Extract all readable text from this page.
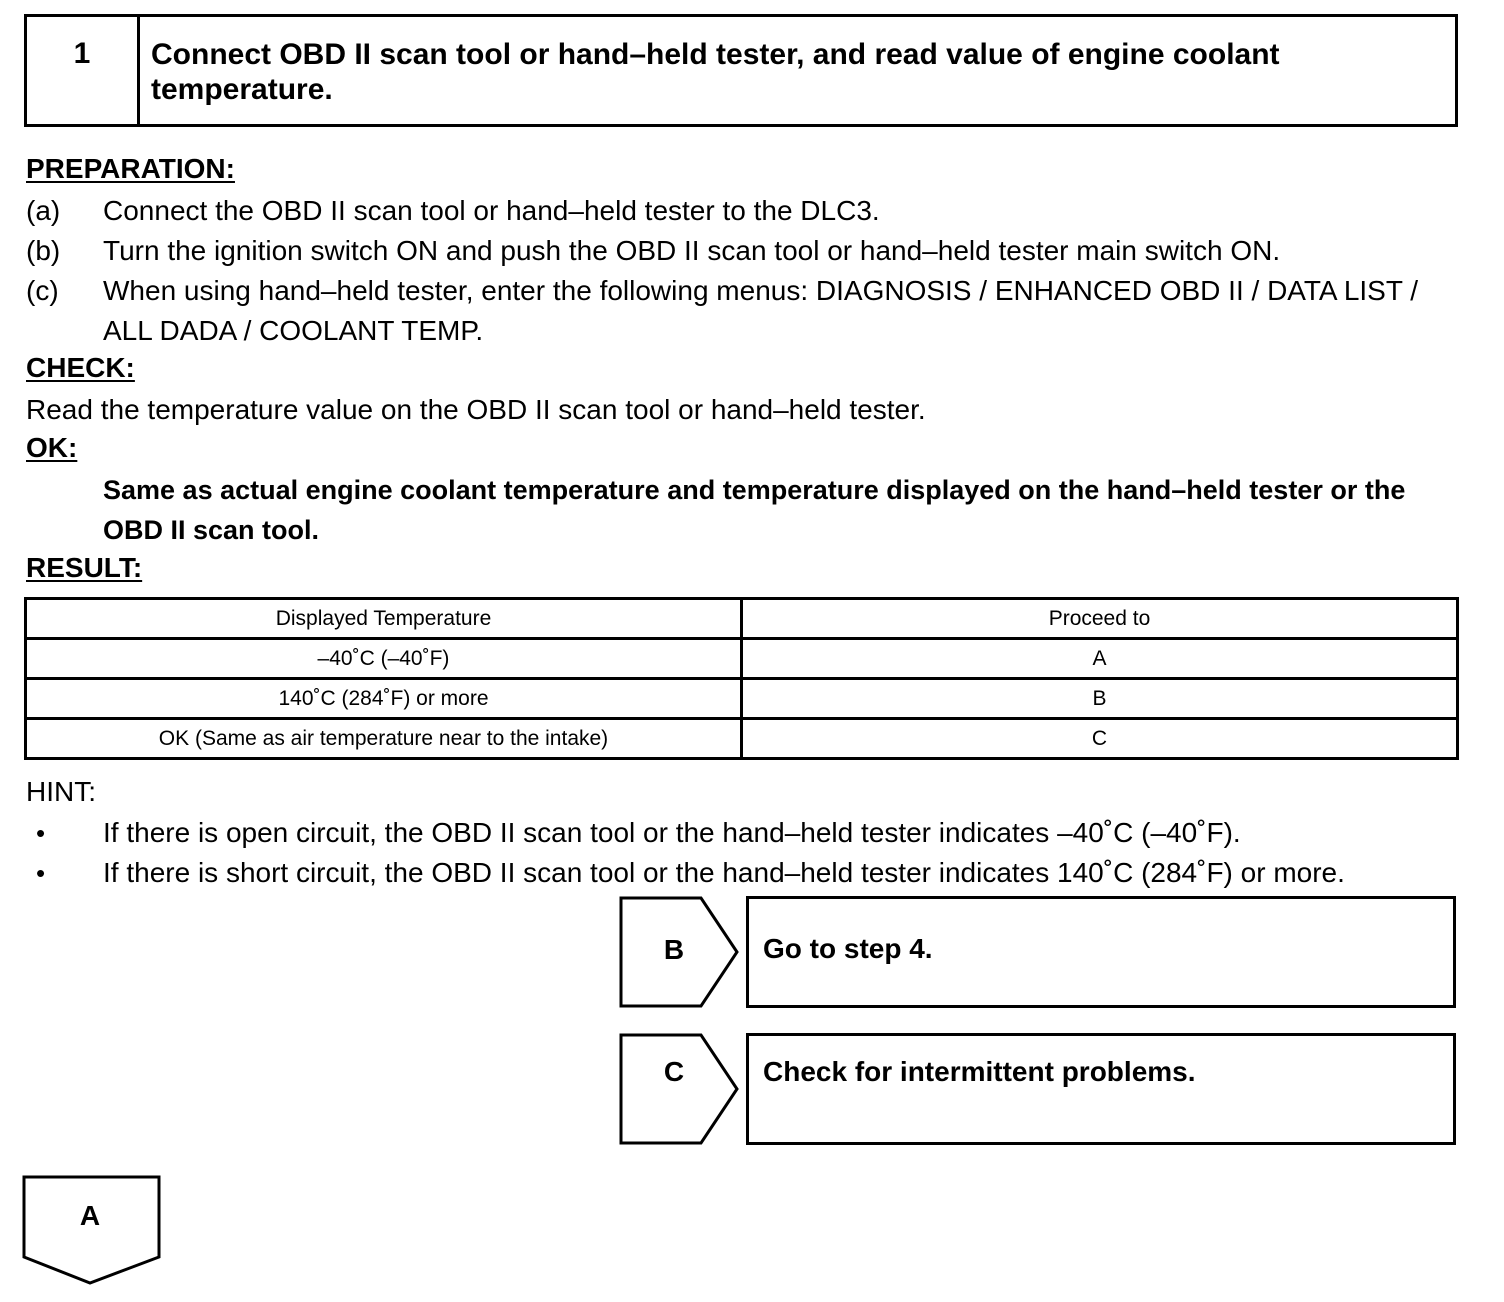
1	Connect OBD II scan tool or hand–held tester, and read value of engine coolant temperature.
PREPARATION:
(a) Connect the OBD II scan tool or hand–held tester to the DLC3.
(b) Turn the ignition switch ON and push the OBD II scan tool or hand–held tester main switch ON.
(c) When using hand–held tester, enter the following menus: DIAGNOSIS / ENHANCED OBD II / DATA LIST / ALL DADA / COOLANT TEMP.
CHECK:
Read the temperature value on the OBD II scan tool or hand–held tester.
OK:
Same as actual engine coolant temperature and temperature displayed on the hand–held tester or the OBD II scan tool.
RESULT:
Displayed Temperature	Proceed to
–40˚C (–40˚F)	A
140˚C (284˚F) or more	B
OK (Same as air temperature near to the intake)	C
HINT:
• If there is open circuit, the OBD II scan tool or the hand–held tester indicates –40˚C (–40˚F).
• If there is short circuit, the OBD II scan tool or the hand–held tester indicates 140˚C (284˚F) or more.
B	Go to step 4.
C	Check for intermittent problems.
A
